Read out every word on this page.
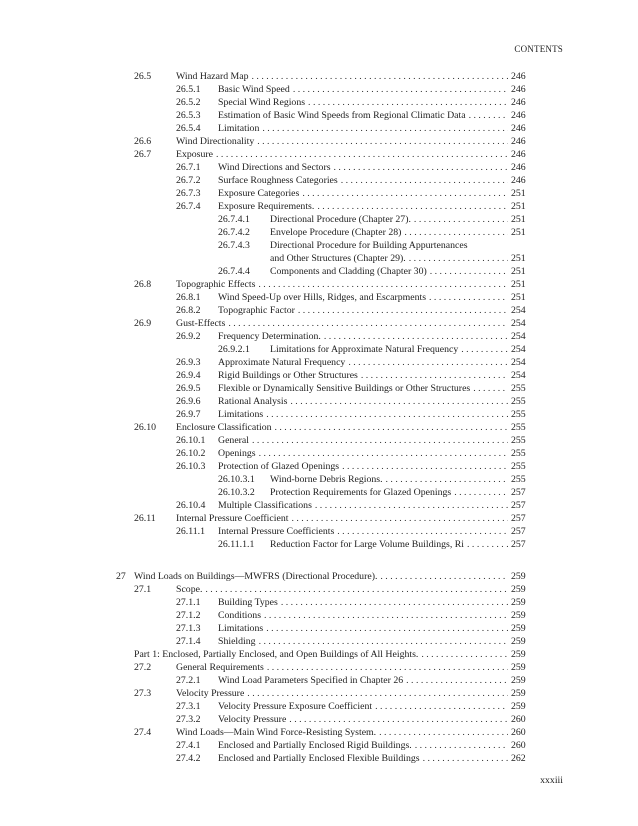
CONTENTS
26.5	Wind Hazard Map . . .	246
26.5.1 Basic Wind Speed . . .	246
26.5.2 Special Wind Regions . . .	246
26.5.3 Estimation of Basic Wind Speeds from Regional Climatic Data . . .	246
26.5.4 Limitation . . .	246
26.6	Wind Directionality . . .	246
26.7	Exposure . . .	246
26.7.1 Wind Directions and Sectors . . .	246
26.7.2 Surface Roughness Categories . . .	246
26.7.3 Exposure Categories . . .	251
26.7.4 Exposure Requirements. . . .	251
26.7.4.1 Directional Procedure (Chapter 27). . . .	251
26.7.4.2 Envelope Procedure (Chapter 28) . . .	251
26.7.4.3 Directional Procedure for Building Appurtenances
and Other Structures (Chapter 29). . . .	251
26.7.4.4 Components and Cladding (Chapter 30) . . .	251
26.8	Topographic Effects . . .	251
26.8.1 Wind Speed-Up over Hills, Ridges, and Escarpments . . .	251
26.8.2 Topographic Factor . . .	254
26.9	Gust-Effects . . .	254
26.9.2 Frequency Determination. . . .	254
26.9.2.1 Limitations for Approximate Natural Frequency . . .	254
26.9.3 Approximate Natural Frequency . . .	254
26.9.4 Rigid Buildings or Other Structures . . .	254
26.9.5 Flexible or Dynamically Sensitive Buildings or Other Structures . . .	255
26.9.6 Rational Analysis . . .	255
26.9.7 Limitations . . .	255
26.10 Enclosure Classification . . .	255
26.10.1 General . . .	255
26.10.2 Openings . . .	255
26.10.3 Protection of Glazed Openings . . .	255
26.10.3.1 Wind-borne Debris Regions. . . .	255
26.10.3.2 Protection Requirements for Glazed Openings . . .	257
26.10.4 Multiple Classifications . . .	257
26.11 Internal Pressure Coefficient . . .	257
26.11.1 Internal Pressure Coefficients . . .	257
26.11.1.1 Reduction Factor for Large Volume Buildings, Ri . . .	257
27 Wind Loads on Buildings—MWFRS (Directional Procedure). . . .	259
27.1	Scope. . . .	259
27.1.1 Building Types . . .	259
27.1.2 Conditions . . .	259
27.1.3 Limitations . . .	259
27.1.4 Shielding . . .	259
Part 1: Enclosed, Partially Enclosed, and Open Buildings of All Heights. . . .	259
27.2	General Requirements . . .	259
27.2.1 Wind Load Parameters Specified in Chapter 26 . . .	259
27.3	Velocity Pressure . . .	259
27.3.1 Velocity Pressure Exposure Coefficient . . .	259
27.3.2 Velocity Pressure . . .	260
27.4	Wind Loads—Main Wind Force-Resisting System. . . .	260
27.4.1 Enclosed and Partially Enclosed Rigid Buildings. . . .	260
27.4.2 Enclosed and Partially Enclosed Flexible Buildings . . .	262
xxxiii
